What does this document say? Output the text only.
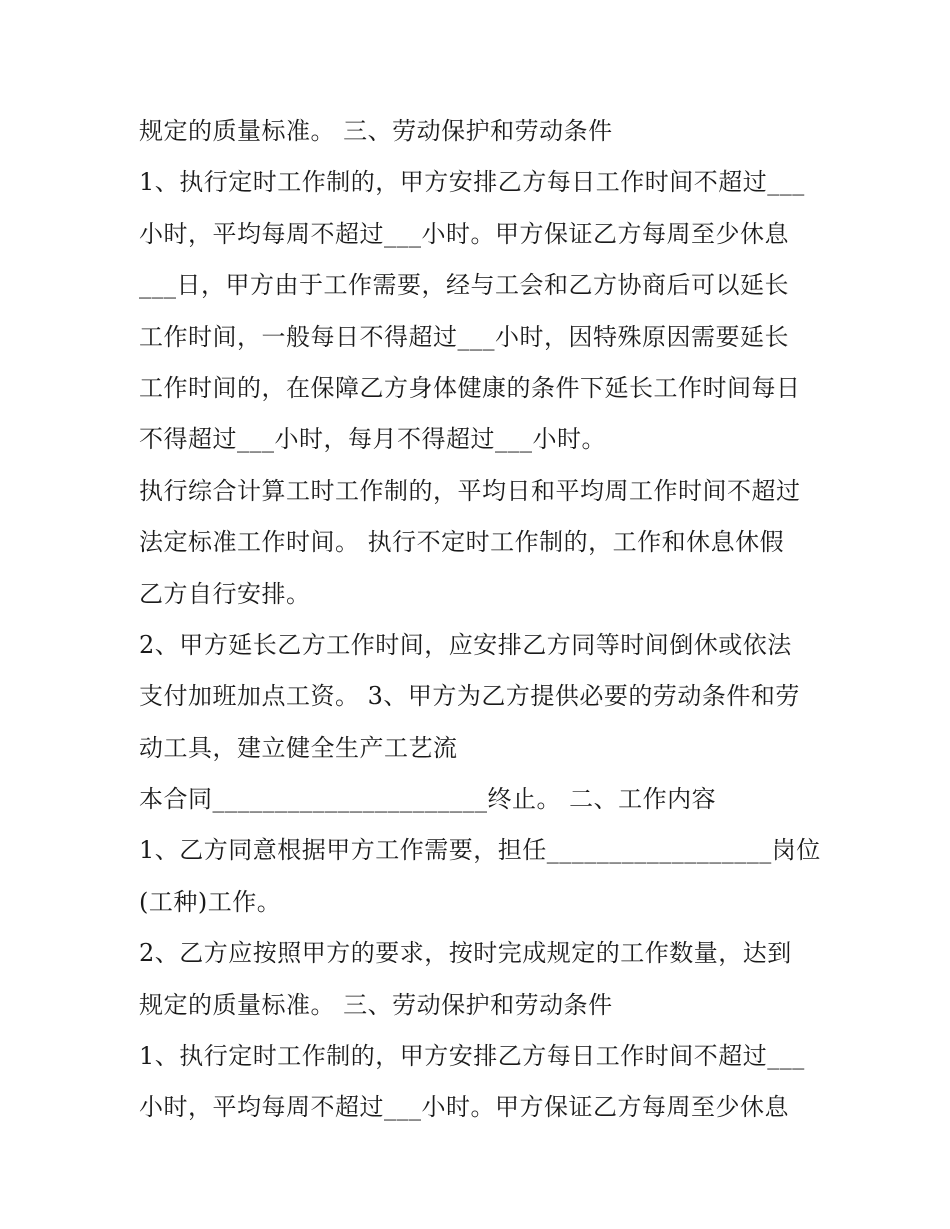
规定的质量标准。 三、劳动保护和劳动条件
1、执行定时工作制的，甲方安排乙方每日工作时间不超过___
小时，平均每周不超过___小时。甲方保证乙方每周至少休息
___日，甲方由于工作需要，经与工会和乙方协商后可以延长
工作时间，一般每日不得超过___小时，因特殊原因需要延长
工作时间的，在保障乙方身体健康的条件下延长工作时间每日
不得超过___小时，每月不得超过___小时。
执行综合计算工时工作制的，平均日和平均周工作时间不超过
法定标准工作时间。 执行不定时工作制的，工作和休息休假
乙方自行安排。
2、甲方延长乙方工作时间，应安排乙方同等时间倒休或依法
支付加班加点工资。 3、甲方为乙方提供必要的劳动条件和劳
动工具，建立健全生产工艺流
本合同______________________终止。 二、工作内容
1、乙方同意根据甲方工作需要，担任__________________岗位
(工种)工作。
2、乙方应按照甲方的要求，按时完成规定的工作数量，达到
规定的质量标准。 三、劳动保护和劳动条件
1、执行定时工作制的，甲方安排乙方每日工作时间不超过___
小时，平均每周不超过___小时。甲方保证乙方每周至少休息
